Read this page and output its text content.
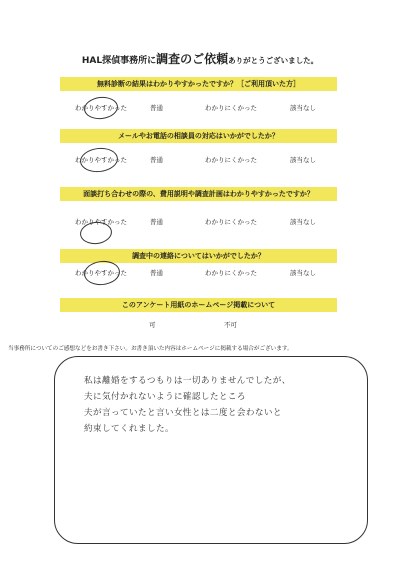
HAL探偵事務所に調査のご依頼ありがとうございました。
無料診断の結果はわかりやすかったですか？［ご利用頂いた方］
わかりやすかった	普通	わかりにくかった	該当なし
メールやお電話の相談員の対応はいかがでしたか？
わかりやすかった	普通	わかりにくかった	該当なし
面談打ち合わせの際の、費用説明や調査計画はわかりやすかったですか？
わかりやすかった	普通	わかりにくかった	該当なし
調査中の連絡についてはいかがでしたか？
わかりやすかった	普通	わかりにくかった	該当なし
このアンケート用紙のホームページ掲載について
可	不可
当事務所についてのご感想などをお書き下さい。お書き頂いた内容はホームページに掲載する場合がございます。
私は離婚をするつもりは一切ありませんでしたが、
夫に気付かれないように確認したところ
夫が言っていたと言い女性とは二度と会わないと
約束してくれました。
